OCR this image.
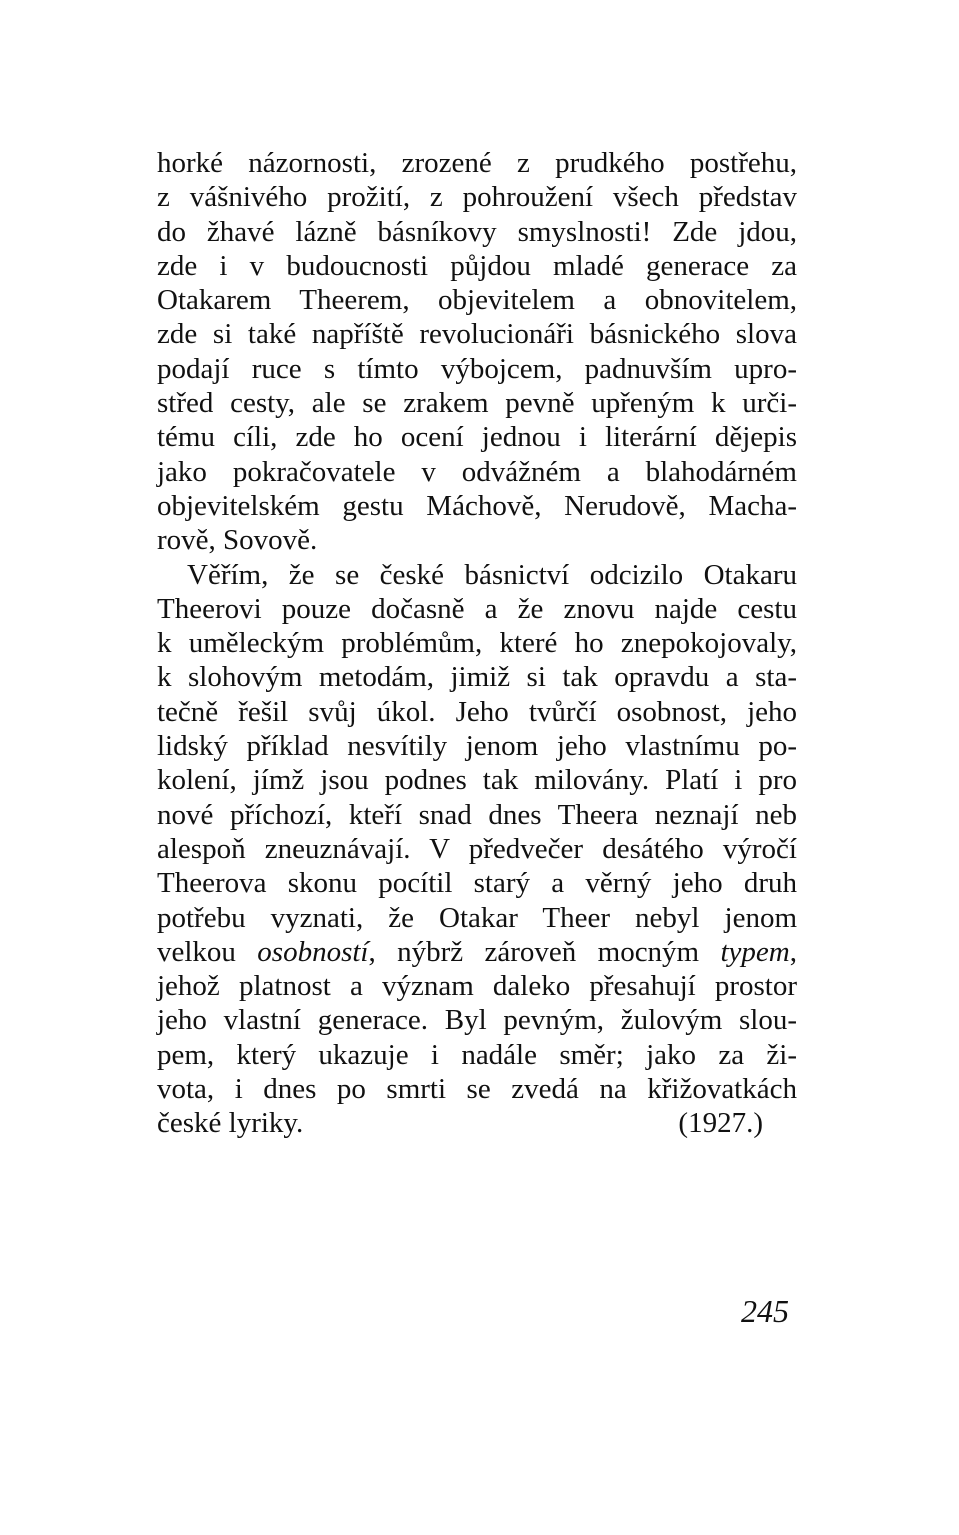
horké názornosti, zrozené z prudkého postřehu,
z vášnivého prožití, z pohroužení všech představ
do žhavé lázně básníkovy smyslnosti! Zde jdou,
zde i v budoucnosti půjdou mladé generace za
Otakarem Theerem, objevitelem a obnovitelem,
zde si také napříště revolucionáři básnického slova
podají ruce s tímto výbojcem, padnuvším upro-
střed cesty, ale se zrakem pevně upřeným k urči-
tému cíli, zde ho ocení jednou i literární dějepis
jako pokračovatele v odvážném a blahodárném
objevitelském gestu Máchově, Nerudově, Macha-
rově, Sovově.
Věřím, že se české básnictví odcizilo Otakaru
Theerovi pouze dočasně a že znovu najde cestu
k uměleckým problémům, které ho znepokojovaly,
k slohovým metodám, jimiž si tak opravdu a sta-
tečně řešil svůj úkol. Jeho tvůrčí osobnost, jeho
lidský příklad nesvítily jenom jeho vlastnímu po-
kolení, jímž jsou podnes tak milovány. Platí i pro
nové příchozí, kteří snad dnes Theera neznají neb
alespoň zneuznávají. V předvečer desátého výročí
Theerova skonu pocítil starý a věrný jeho druh
potřebu vyznati, že Otakar Theer nebyl jenom
velkou osobností, nýbrž zároveň mocným typem,
jehož platnost a význam daleko přesahují prostor
jeho vlastní generace. Byl pevným, žulovým slou-
pem, který ukazuje i nadále směr; jako za ži-
vota, i dnes po smrti se zvedá na křižovatkách
české lyriky.	(1927.)
245
